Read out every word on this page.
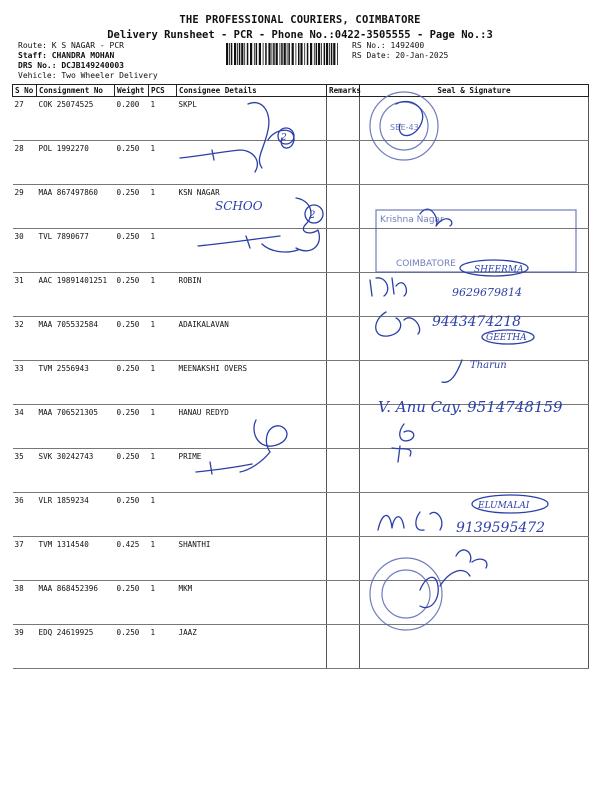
THE PROFESSIONAL COURIERS, COIMBATORE
Delivery Runsheet - PCR - Phone No.:0422-3505555 - Page No.:3
Route: K S NAGAR - PCR
Staff: CHANDRA MOHAN
DRS No.: DCJB149240003
Vehicle: Two Wheeler Delivery
RS No.: 1492400
RS Date: 20-Jan-2025
S No	Consignment No	Weight	PCS	Consignee Details	Remarks	Seal & Signature
27	COK 25074525	0.200	1	SKPL		
28	POL 1992270	0.250	1			
29	MAA 867497860	0.250	1	KSN NAGAR		
30	TVL 7890677	0.250	1			
31	AAC 19891401251	0.250	1	ROBIN		
32	MAA 705532584	0.250	1	ADAIKALAVAN		
33	TVM 2556943	0.250	1	MEENAKSHI OVERS		
34	MAA 706521305	0.250	1	HANAU REDYD		
35	SVK 30242743	0.250	1	PRIME		
36	VLR 1859234	0.250	1			
37	TVM 1314540	0.425	1	SHANTHI		
38	MAA 868452396	0.250	1	MKM		
39	EDQ 24619925	0.250	1	JAAZ		
2
SCHOO
2
SBE-43
Krishna Nagar
COIMBATORE
SHEERMA
9629679814
9443474218
GEETHA
Tharun
V. Anu Cay. 9514748159
ELUMALAI
9139595472
